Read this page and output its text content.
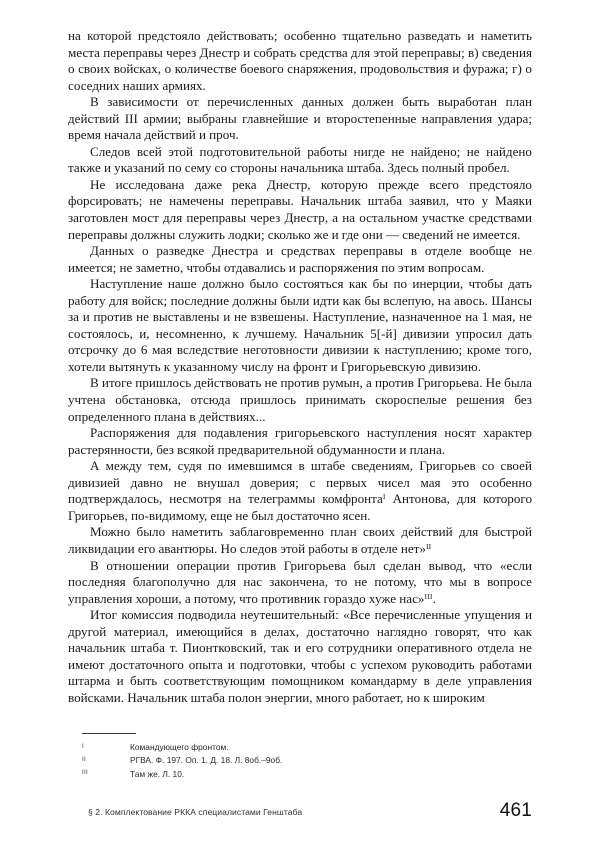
на которой предстояло действовать; особенно тщательно разведать и наметить места переправы через Днестр и собрать средства для этой переправы; в) сведения о своих войсках, о количестве боевого снаряжения, продовольствия и фуража; г) о соседних наших армиях.

В зависимости от перечисленных данных должен быть выработан план действий III армии; выбраны главнейшие и второстепенные направления удара; время начала действий и проч.

Следов всей этой подготовительной работы нигде не найдено; не найдено также и указаний по сему со стороны начальника штаба. Здесь полный пробел.

Не исследована даже река Днестр, которую прежде всего предстояло форсировать; не намечены переправы. Начальник штаба заявил, что у Маяки заготовлен мост для переправы через Днестр, а на остальном участке средствами переправы должны служить лодки; сколько же и где они — сведений не имеется.

Данных о разведке Днестра и средствах переправы в отделе вообще не имеется; не заметно, чтобы отдавались и распоряжения по этим вопросам.

Наступление наше должно было состояться как бы по инерции, чтобы дать работу для войск; последние должны были идти как бы вслепую, на авось. Шансы за и против не выставлены и не взвешены. Наступление, назначенное на 1 мая, не состоялось, и, несомненно, к лучшему. Начальник 5[-й] дивизии упросил дать отсрочку до 6 мая вследствие неготовности дивизии к наступлению; кроме того, хотели вытянуть к указанному числу на фронт и Григорьевскую дивизию.

В итоге пришлось действовать не против румын, а против Григорьева. Не была учтена обстановка, отсюда пришлось принимать скороспелые решения без определенного плана в действиях...

Распоряжения для подавления григорьевского наступления носят характер растерянности, без всякой предварительной обдуманности и плана.

А между тем, судя по имевшимся в штабе сведениям, Григорьев со своей дивизией давно не внушал доверия; с первых чисел мая это особенно подтверждалось, несмотря на телеграммы комфронта$^I$ Антонова, для которого Григорьев, по-видимому, еще не был достаточно ясен.

Можно было наметить заблаговременно план своих действий для быстрой ликвидации его авантюры. Но следов этой работы в отделе нет»$^{II}$

В отношении операции против Григорьева был сделан вывод, что «если последняя благополучно для нас закончена, то не потому, что мы в вопросе управления хороши, а потому, что противник гораздо хуже нас»$^{III}$.

Итог комиссия подводила неутешительный: «Все перечисленные упущения и другой материал, имеющийся в делах, достаточно наглядно говорят, что как начальник штаба т. Пионтковский, так и его сотрудники оперативного отдела не имеют достаточного опыта и подготовки, чтобы с успехом руководить работами штарма и быть соответствующим помощником командарму в деле управления войсками. Начальник штаба полон энергии, много работает, но к широким

I	Командующего фронтом.
II	РГВА. Ф. 197. Оп. 1. Д. 18. Л. 8об.–9об.
III	Там же. Л. 10.
§ 2. Комплектование РККА специалистами Генштаба	461
